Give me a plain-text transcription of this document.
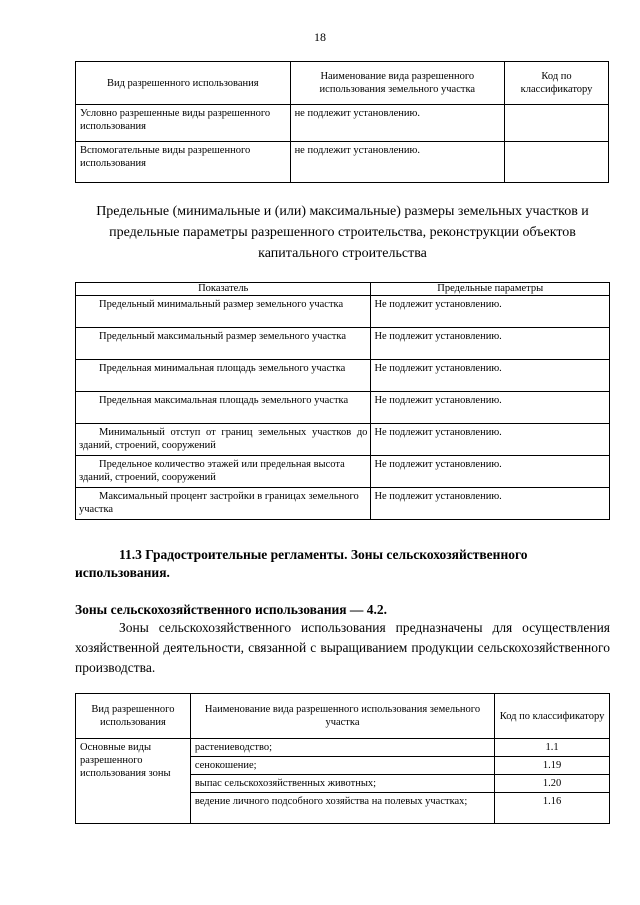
18
Вид разрешенного использования	Наименование вида разрешенного использования земельного участка	Код по классификатору
Условно разрешенные виды разрешенного использования	не подлежит установлению.	
Вспомогательные виды разрешенного использования	не подлежит установлению.	
Предельные (минимальные и (или) максимальные) размеры земельных участков и предельные параметры разрешенного строительства, реконструкции объектов капитального строительства
Показатель	Предельные параметры
Предельный минимальный размер земельного участка	Не подлежит установлению.
Предельный максимальный размер земельного участка	Не подлежит установлению.
Предельная минимальная площадь земельного участка	Не подлежит установлению.
Предельная максимальная площадь земельного участка	Не подлежит установлению.
Минимальный отступ от границ земельных участков до зданий, строений, сооружений	Не подлежит установлению.
Предельное количество этажей или предельная высота зданий, строений, сооружений	Не подлежит установлению.
Максимальный процент застройки в границах земельного участка	Не подлежит установлению.
11.3 Градостроительные регламенты. Зоны сельскохозяйственного использования.
Зоны сельскохозяйственного использования — 4.2.
Зоны сельскохозяйственного использования предназначены для осуществления хозяйственной деятельности, связанной с выращиванием продукции сельскохозяйственного производства.
Вид разрешенного использования	Наименование вида разрешенного использования земельного участка	Код по классификатору
Основные виды разрешенного использования зоны	растениеводство;	1.1
	сенокошение;	1.19
	выпас сельскохозяйственных животных;	1.20
	ведение личного подсобного хозяйства на полевых участках;	1.16
